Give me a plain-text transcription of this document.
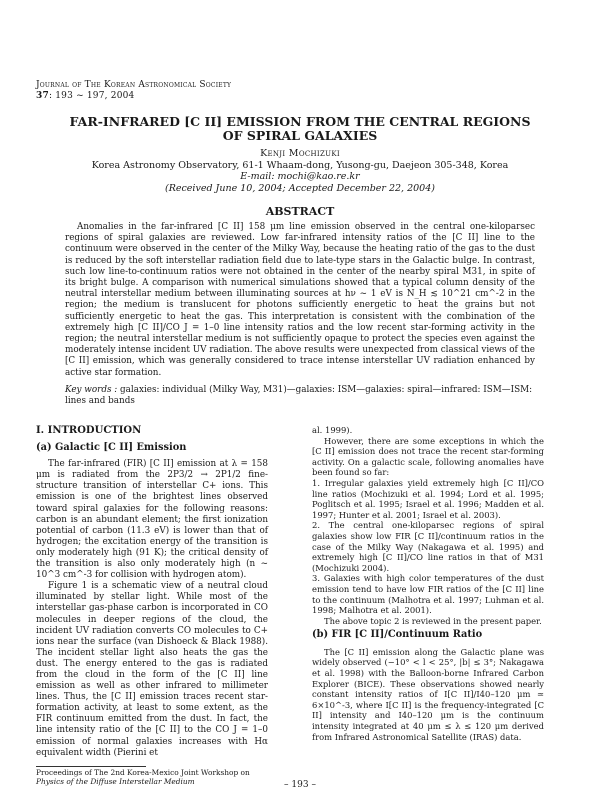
Journal of The Korean Astronomical Society
37: 193 ~ 197, 2004
FAR-INFRARED [C II] EMISSION FROM THE CENTRAL REGIONS OF SPIRAL GALAXIES
Kenji Mochizuki
Korea Astronomy Observatory, 61-1 Whaam-dong, Yusong-gu, Daejeon 305-348, Korea
E-mail: mochi@kao.re.kr
(Received June 10, 2004; Accepted December 22, 2004)
ABSTRACT
Anomalies in the far-infrared [C II] 158 μm line emission observed in the central one-kiloparsec regions of spiral galaxies are reviewed. Low far-infrared intensity ratios of the [C II] line to the continuum were observed in the center of the Milky Way, because the heating ratio of the gas to the dust is reduced by the soft interstellar radiation field due to late-type stars in the Galactic bulge. In contrast, such low line-to-continuum ratios were not obtained in the center of the nearby spiral M31, in spite of its bright bulge. A comparison with numerical simulations showed that a typical column density of the neutral interstellar medium between illuminating sources at hν ~ 1 eV is N_H ≲ 10^21 cm^-2 in the region; the medium is translucent for photons sufficiently energetic to heat the grains but not sufficiently energetic to heat the gas. This interpretation is consistent with the combination of the extremely high [C II]/CO J = 1–0 line intensity ratios and the low recent star-forming activity in the region; the neutral interstellar medium is not sufficiently opaque to protect the species even against the moderately intense incident UV radiation. The above results were unexpected from classical views of the [C II] emission, which was generally considered to trace intense interstellar UV radiation enhanced by active star formation.
I. INTRODUCTION
(a) Galactic [C II] Emission

The far-infrared (FIR) [C II] emission at λ = 158 μm is radiated from the 2P3/2 → 2P1/2 fine-structure transition of interstellar C+ ions. This emission is one of the brightest lines observed toward spiral galaxies for the following reasons: carbon is an abundant element; the first ionization potential of carbon (11.3 eV) is lower than that of hydrogen; the excitation energy of the transition is only moderately high (91 K); the critical density of the transition is also only moderately high (n ~ 10^3 cm^-3 for collision with hydrogen atom).

Figure 1 is a schematic view of a neutral cloud illuminated by stellar light. While most of the interstellar gas-phase carbon is incorporated in CO molecules in deeper regions of the cloud, the incident UV radiation converts CO molecules to C+ ions near the surface (van Dishoeck & Black 1988). The incident stellar light also heats the gas the dust. The energy entered to the gas is radiated from the cloud in the form of the [C II] line emission as well as other infrared to millimeter lines. Thus, the [C II] emission traces recent star-formation activity, at least to some extent, as the FIR continuum emitted from the dust. In fact, the line intensity ratio of the [C II] to the CO J = 1–0 emission of normal galaxies increases with Hα equivalent width (Pierini et

al. 1999).

However, there are some exceptions in which the [C II] emission does not trace the recent star-forming activity. On a galactic scale, following anomalies have been found so far:

1. Irregular galaxies yield extremely high [C II]/CO line ratios (Mochizuki et al. 1994; Lord et al. 1995; Poglitsch et al. 1995; Israel et al. 1996; Madden et al. 1997; Hunter et al. 2001; Israel et al. 2003).

2. The central one-kiloparsec regions of spiral galaxies show low FIR [C II]/continuum ratios in the case of the Milky Way (Nakagawa et al. 1995) and extremely high [C II]/CO line ratios in that of M31 (Mochizuki 2004).

3. Galaxies with high color temperatures of the dust emission tend to have low FIR ratios of the [C II] line to the continuum (Malhotra et al. 1997; Luhman et al. 1998; Malhotra et al. 2001).

The above topic 2 is reviewed in the present paper.

(b) FIR [C II]/Continuum Ratio

The [C II] emission along the Galactic plane was widely observed (−10° < l < 25°, |b| ≤ 3°; Nakagawa et al. 1998) with the Balloon-borne Infrared Carbon Explorer (BICE). These observations showed nearly constant intensity ratios of I[C II]/I40–120 μm ≃ 6×10^-3, where I[C II] is the frequency-integrated [C II] intensity and I40–120 μm is the continuum intensity integrated at 40 μm ≤ λ ≤ 120 μm derived from Infrared Astronomical Satellite (IRAS) data.

Key words : galaxies: individual (Milky Way, M31)—galaxies: ISM—galaxies: spiral—infrared: ISM—ISM: lines and bands
Proceedings of The 2nd Korea-Mexico Joint Workshop on
Physics of the Diffuse Interstellar Medium	– 193 –
